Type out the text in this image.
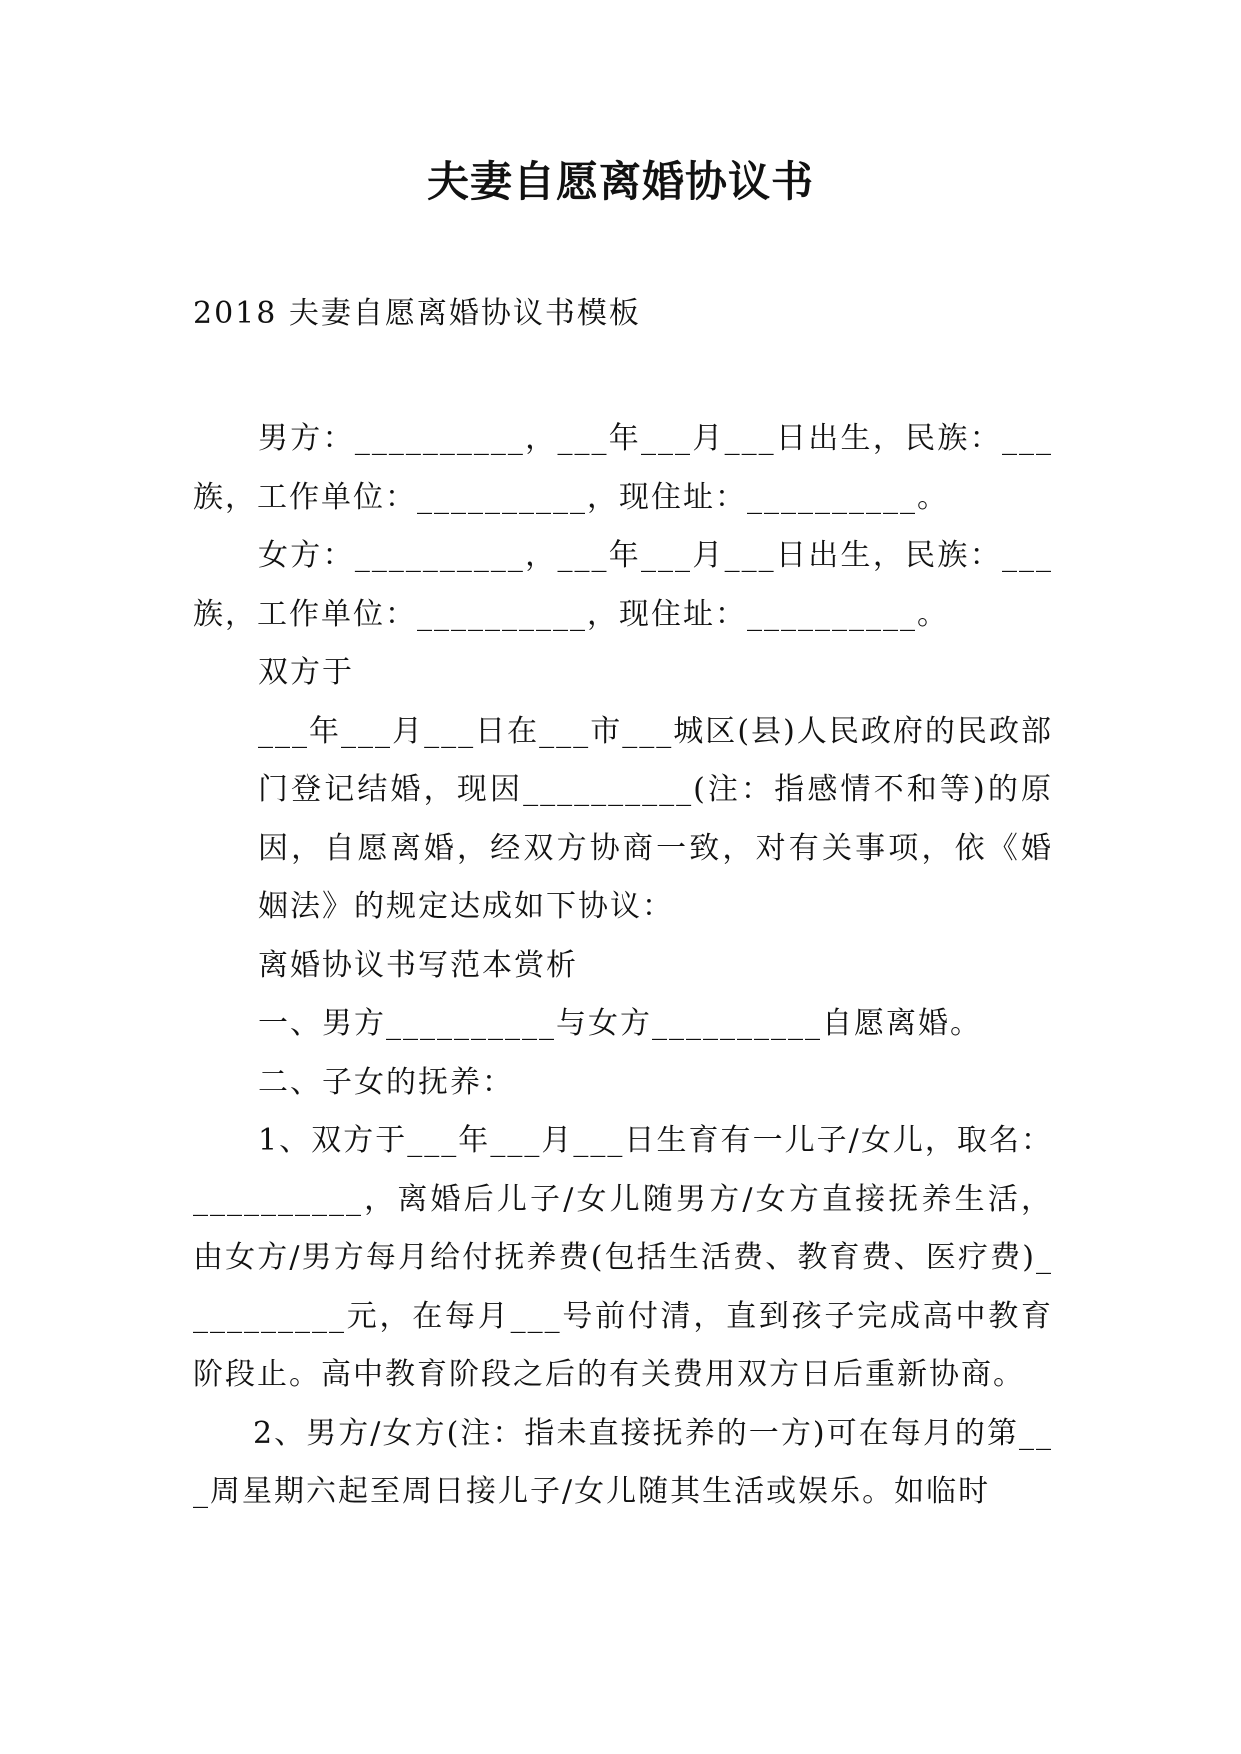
夫妻自愿离婚协议书
2018 夫妻自愿离婚协议书模板

男方：__________，___年___月___日出生，民族：___族，工作单位：__________，现住址：__________。

女方：__________，___年___月___日出生，民族：___族，工作单位：__________，现住址：__________。

双方于

___年___月___日在___市___城区(县)人民政府的民政部门登记结婚，现因__________(注：指感情不和等)的原因，自愿离婚，经双方协商一致，对有关事项，依《婚姻法》的规定达成如下协议：

离婚协议书写范本赏析

一、男方__________与女方__________自愿离婚。

二、子女的抚养：

1、双方于___年___月___日生育有一儿子/女儿，取名：__________，离婚后儿子/女儿随男方/女方直接抚养生活，由女方/男方每月给付抚养费(包括生活费、教育费、医疗费)__________元，在每月___号前付清，直到孩子完成高中教育阶段止。高中教育阶段之后的有关费用双方日后重新协商。

2、男方/女方(注：指未直接抚养的一方)可在每月的第___周星期六起至周日接儿子/女儿随其生活或娱乐。如临时
